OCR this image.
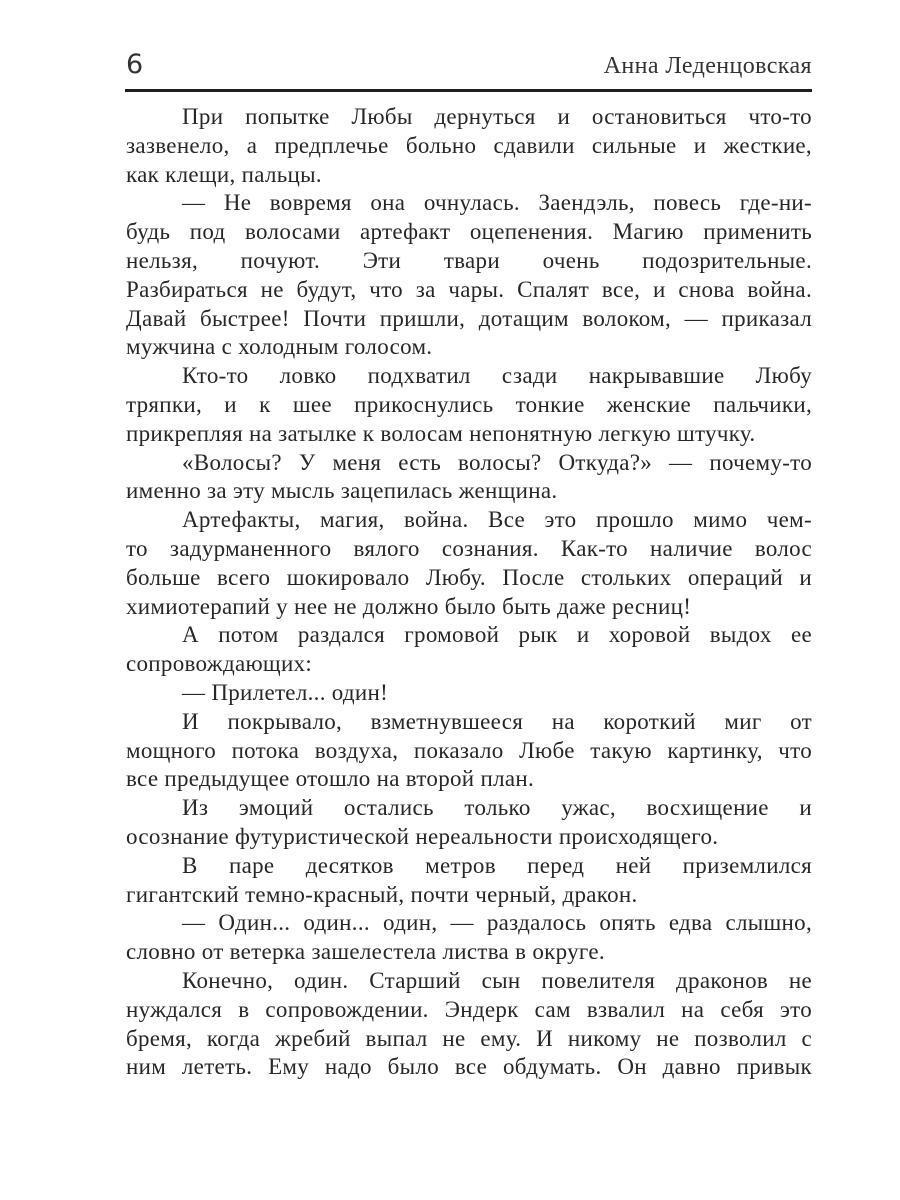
6	Анна Леденцовская
При попытке Любы дернуться и остановиться что-то
зазвенело, а предплечье больно сдавили сильные и жесткие,
как клещи, пальцы.
— Не вовремя она очнулась. Заендэль, повесь где-ни-
будь под волосами артефакт оцепенения. Магию применить
нельзя, почуют. Эти твари очень подозрительные.
Разбираться не будут, что за чары. Спалят все, и снова война.
Давай быстрее! Почти пришли, дотащим волоком, — приказал
мужчина с холодным голосом.
Кто-то ловко подхватил сзади накрывавшие Любу
тряпки, и к шее прикоснулись тонкие женские пальчики,
прикрепляя на затылке к волосам непонятную легкую штучку.
«Волосы? У меня есть волосы? Откуда?» — почему-то
именно за эту мысль зацепилась женщина.
Артефакты, магия, война. Все это прошло мимо чем-
то задурманенного вялого сознания. Как-то наличие волос
больше всего шокировало Любу. После стольких операций и
химиотерапий у нее не должно было быть даже ресниц!
А потом раздался громовой рык и хоровой выдох ее
сопровождающих:
— Прилетел... один!
И покрывало, взметнувшееся на короткий миг от
мощного потока воздуха, показало Любе такую картинку, что
все предыдущее отошло на второй план.
Из эмоций остались только ужас, восхищение и
осознание футуристической нереальности происходящего.
В паре десятков метров перед ней приземлился
гигантский темно-красный, почти черный, дракон.
— Один... один... один, — раздалось опять едва слышно,
словно от ветерка зашелестела листва в округе.
Конечно, один. Старший сын повелителя драконов не
нуждался в сопровождении. Эндерк сам взвалил на себя это
бремя, когда жребий выпал не ему. И никому не позволил с
ним лететь. Ему надо было все обдумать. Он давно привык
